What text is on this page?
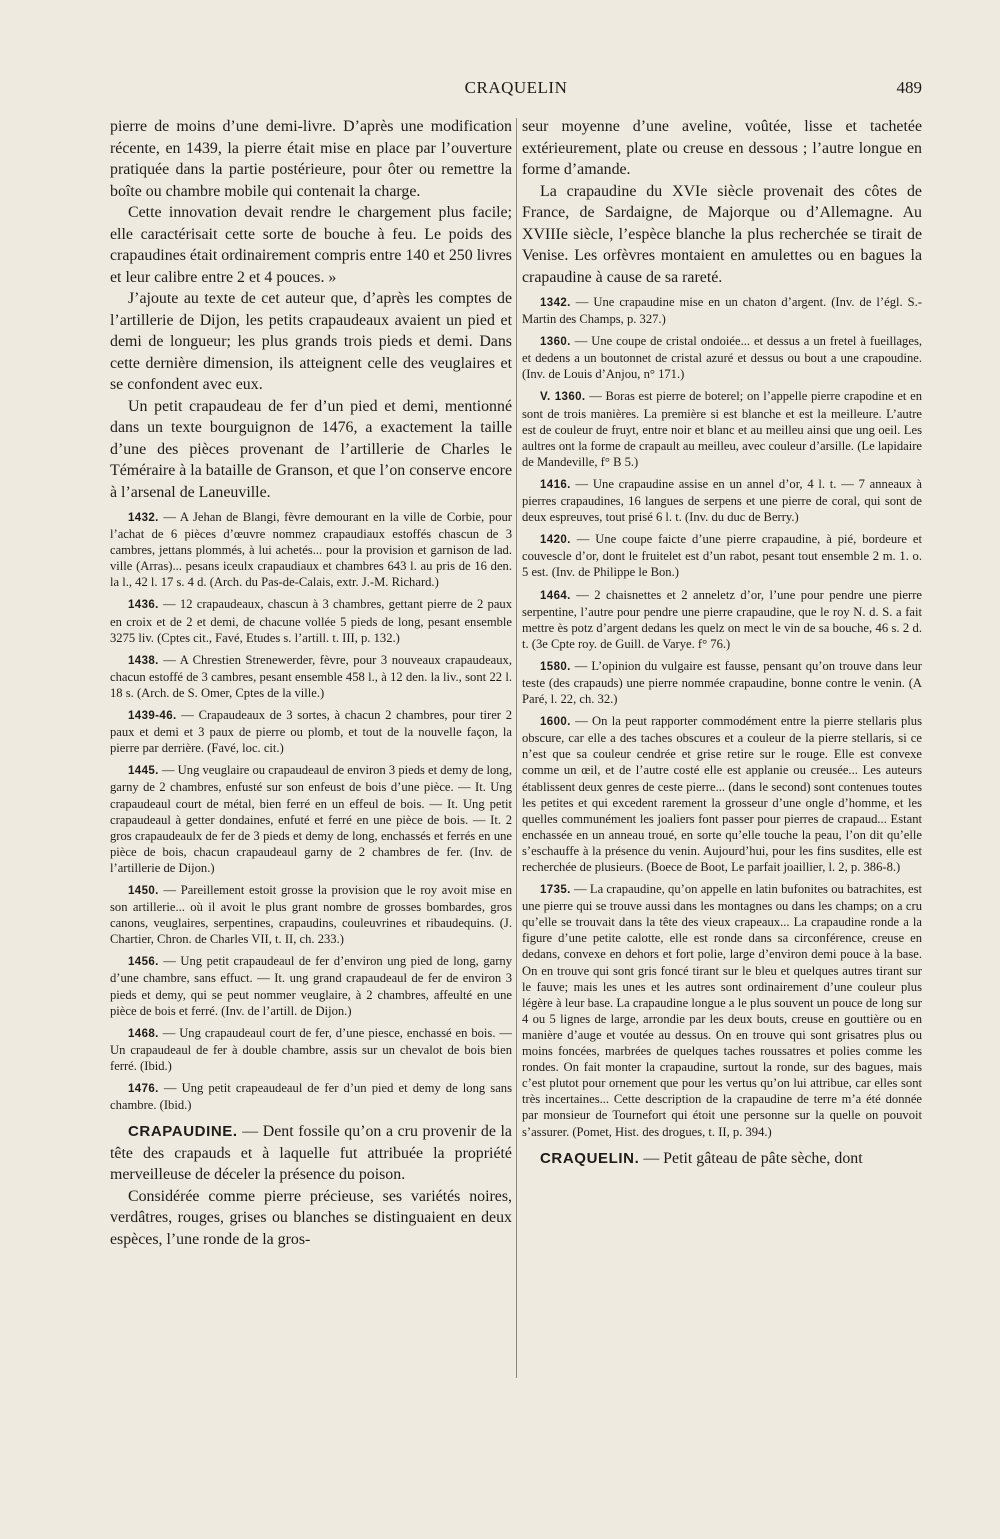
CRAQUELIN	489

pierre de moins d’une demi-livre. D’après une modification récente, en 1439, la pierre était mise en place par l’ouverture pratiquée dans la partie postérieure, pour ôter ou remettre la boîte ou chambre mobile qui contenait la charge.

Cette innovation devait rendre le chargement plus facile; elle caractérisait cette sorte de bouche à feu. Le poids des crapaudines était ordinairement compris entre 140 et 250 livres et leur calibre entre 2 et 4 pouces. »

J’ajoute au texte de cet auteur que, d’après les comptes de l’artillerie de Dijon, les petits crapaudeaux avaient un pied et demi de longueur; les plus grands trois pieds et demi. Dans cette dernière dimension, ils atteignent celle des veuglaires et se confondent avec eux.

Un petit crapaudeau de fer d’un pied et demi, mentionné dans un texte bourguignon de 1476, a exactement la taille d’une des pièces provenant de l’artillerie de Charles le Téméraire à la bataille de Granson, et que l’on conserve encore à l’arsenal de Laneuville.

1432. — A Jehan de Blangi, fèvre demourant en la ville de Corbie, pour l’achat de 6 pièces d’œuvre nommez crapaudiaux estoffés chascun de 3 cambres, jettans plommés, à lui achetés... pour la provision et garnison de lad. ville (Arras)... pesans iceulx crapaudiaux et chambres 643 l. au pris de 16 den. la l., 42 l. 17 s. 4 d. (Arch. du Pas-de-Calais, extr. J.-M. Richard.)

1436. — 12 crapaudeaux, chascun à 3 chambres, gettant pierre de 2 paux en croix et de 2 et demi, de chacune vollée 5 pieds de long, pesant ensemble 3275 liv. (Cptes cit., Favé, Etudes s. l’artill. t. III, p. 132.)

1438. — A Chrestien Strenewerder, fèvre, pour 3 nouveaux crapaudeaux, chacun estoffé de 3 cambres, pesant ensemble 458 l., à 12 den. la liv., sont 22 l. 18 s. (Arch. de S. Omer, Cptes de la ville.)

1439-46. — Crapaudeaux de 3 sortes, à chacun 2 chambres, pour tirer 2 paux et demi et 3 paux de pierre ou plomb, et tout de la nouvelle façon, la pierre par derrière. (Favé, loc. cit.)

1445. — Ung veuglaire ou crapaudeaul de environ 3 pieds et demy de long, garny de 2 chambres, enfusté sur son enfeust de bois d’une pièce. — It. Ung crapaudeaul court de métal, bien ferré en un effeul de bois. — It. Ung petit crapaudeaul à getter dondaines, enfuté et ferré en une pièce de bois. — It. 2 gros crapaudeaulx de fer de 3 pieds et demy de long, enchassés et ferrés en une pièce de bois, chacun crapaudeaul garny de 2 chambres de fer. (Inv. de l’artillerie de Dijon.)

1450. — Pareillement estoit grosse la provision que le roy avoit mise en son artillerie... où il avoit le plus grant nombre de grosses bombardes, gros canons, veuglaires, serpentines, crapaudins, couleuvrines et ribaudequins. (J. Chartier, Chron. de Charles VII, t. II, ch. 233.)

1456. — Ung petit crapaudeaul de fer d’environ ung pied de long, garny d’une chambre, sans effuct. — It. ung grand crapaudeaul de fer de environ 3 pieds et demy, qui se peut nommer veuglaire, à 2 chambres, affeulté en une pièce de bois et ferré. (Inv. de l’artill. de Dijon.)

1468. — Ung crapaudeaul court de fer, d’une piesce, enchassé en bois. — Un crapaudeaul de fer à double chambre, assis sur un chevalot de bois bien ferré. (Ibid.)

1476. — Ung petit crapeaudeaul de fer d’un pied et demy de long sans chambre. (Ibid.)

CRAPAUDINE. — Dent fossile qu’on a cru provenir de la tête des crapauds et à laquelle fut attribuée la propriété merveilleuse de déceler la présence du poison.

Considérée comme pierre précieuse, ses variétés noires, verdâtres, rouges, grises ou blanches se distinguaient en deux espèces, l’une ronde de la gros-

seur moyenne d’une aveline, voûtée, lisse et tachetée extérieurement, plate ou creuse en dessous ; l’autre longue en forme d’amande.

La crapaudine du XVIe siècle provenait des côtes de France, de Sardaigne, de Majorque ou d’Allemagne. Au XVIIIe siècle, l’espèce blanche la plus recherchée se tirait de Venise. Les orfèvres montaient en amulettes ou en bagues la crapaudine à cause de sa rareté.

1342. — Une crapaudine mise en un chaton d’argent. (Inv. de l’égl. S.-Martin des Champs, p. 327.)

1360. — Une coupe de cristal ondoiée... et dessus a un fretel à fueillages, et dedens a un boutonnet de cristal azuré et dessus ou bout a une crapoudine. (Inv. de Louis d’Anjou, n° 171.)

V. 1360. — Boras est pierre de boterel; on l’appelle pierre crapodine et en sont de trois manières. La première si est blanche et est la meilleure. L’autre est de couleur de fruyt, entre noir et blanc et au meilleu ainsi que ung oeil. Les aultres ont la forme de crapault au meilleu, avec couleur d’arsille. (Le lapidaire de Mandeville, f° B 5.)

1416. — Une crapaudine assise en un annel d’or, 4 l. t. — 7 anneaux à pierres crapaudines, 16 langues de serpens et une pierre de coral, qui sont de deux espreuves, tout prisé 6 l. t. (Inv. du duc de Berry.)

1420. — Une coupe faicte d’une pierre crapaudine, à pié, bordeure et couvescle d’or, dont le fruitelet est d’un rabot, pesant tout ensemble 2 m. 1. o. 5 est. (Inv. de Philippe le Bon.)

1464. — 2 chaisnettes et 2 anneletz d’or, l’une pour pendre une pierre serpentine, l’autre pour pendre une pierre crapaudine, que le roy N. d. S. a fait mettre ès potz d’argent dedans les quelz on mect le vin de sa bouche, 46 s. 2 d. t. (3e Cpte roy. de Guill. de Varye. f° 76.)

1580. — L’opinion du vulgaire est fausse, pensant qu’on trouve dans leur teste (des crapauds) une pierre nommée crapaudine, bonne contre le venin. (A Paré, l. 22, ch. 32.)

1600. — On la peut rapporter commodément entre la pierre stellaris plus obscure, car elle a des taches obscures et a couleur de la pierre stellaris, si ce n’est que sa couleur cendrée et grise retire sur le rouge. Elle est convexe comme un œil, et de l’autre costé elle est applanie ou creusée... Les auteurs établissent deux genres de ceste pierre... (dans le second) sont contenues toutes les petites et qui excedent rarement la grosseur d’une ongle d’homme, et les quelles communément les joaliers font passer pour pierres de crapaud... Estant enchassée en un anneau troué, en sorte qu’elle touche la peau, l’on dit qu’elle s’eschauffe à la présence du venin. Aujourd’hui, pour les fins susdites, elle est recherchée de plusieurs. (Boece de Boot, Le parfait joaillier, l. 2, p. 386-8.)

1735. — La crapaudine, qu’on appelle en latin bufonites ou batrachites, est une pierre qui se trouve aussi dans les montagnes ou dans les champs; on a cru qu’elle se trouvait dans la tête des vieux crapeaux... La crapaudine ronde a la figure d’une petite calotte, elle est ronde dans sa circonférence, creuse en dedans, convexe en dehors et fort polie, large d’environ demi pouce à la base. On en trouve qui sont gris foncé tirant sur le bleu et quelques autres tirant sur le fauve; mais les unes et les autres sont ordinairement d’une couleur plus légère à leur base. La crapaudine longue a le plus souvent un pouce de long sur 4 ou 5 lignes de large, arrondie par les deux bouts, creuse en gouttière ou en manière d’auge et voutée au dessus. On en trouve qui sont grisatres plus ou moins foncées, marbrées de quelques taches roussatres et polies comme les rondes. On fait monter la crapaudine, surtout la ronde, sur des bagues, mais c’est plutot pour ornement que pour les vertus qu’on lui attribue, car elles sont très incertaines... Cette description de la crapaudine de terre m’a été donnée par monsieur de Tournefort qui étoit une personne sur la quelle on pouvoit s’assurer. (Pomet, Hist. des drogues, t. II, p. 394.)

CRAQUELIN. — Petit gâteau de pâte sèche, dont
